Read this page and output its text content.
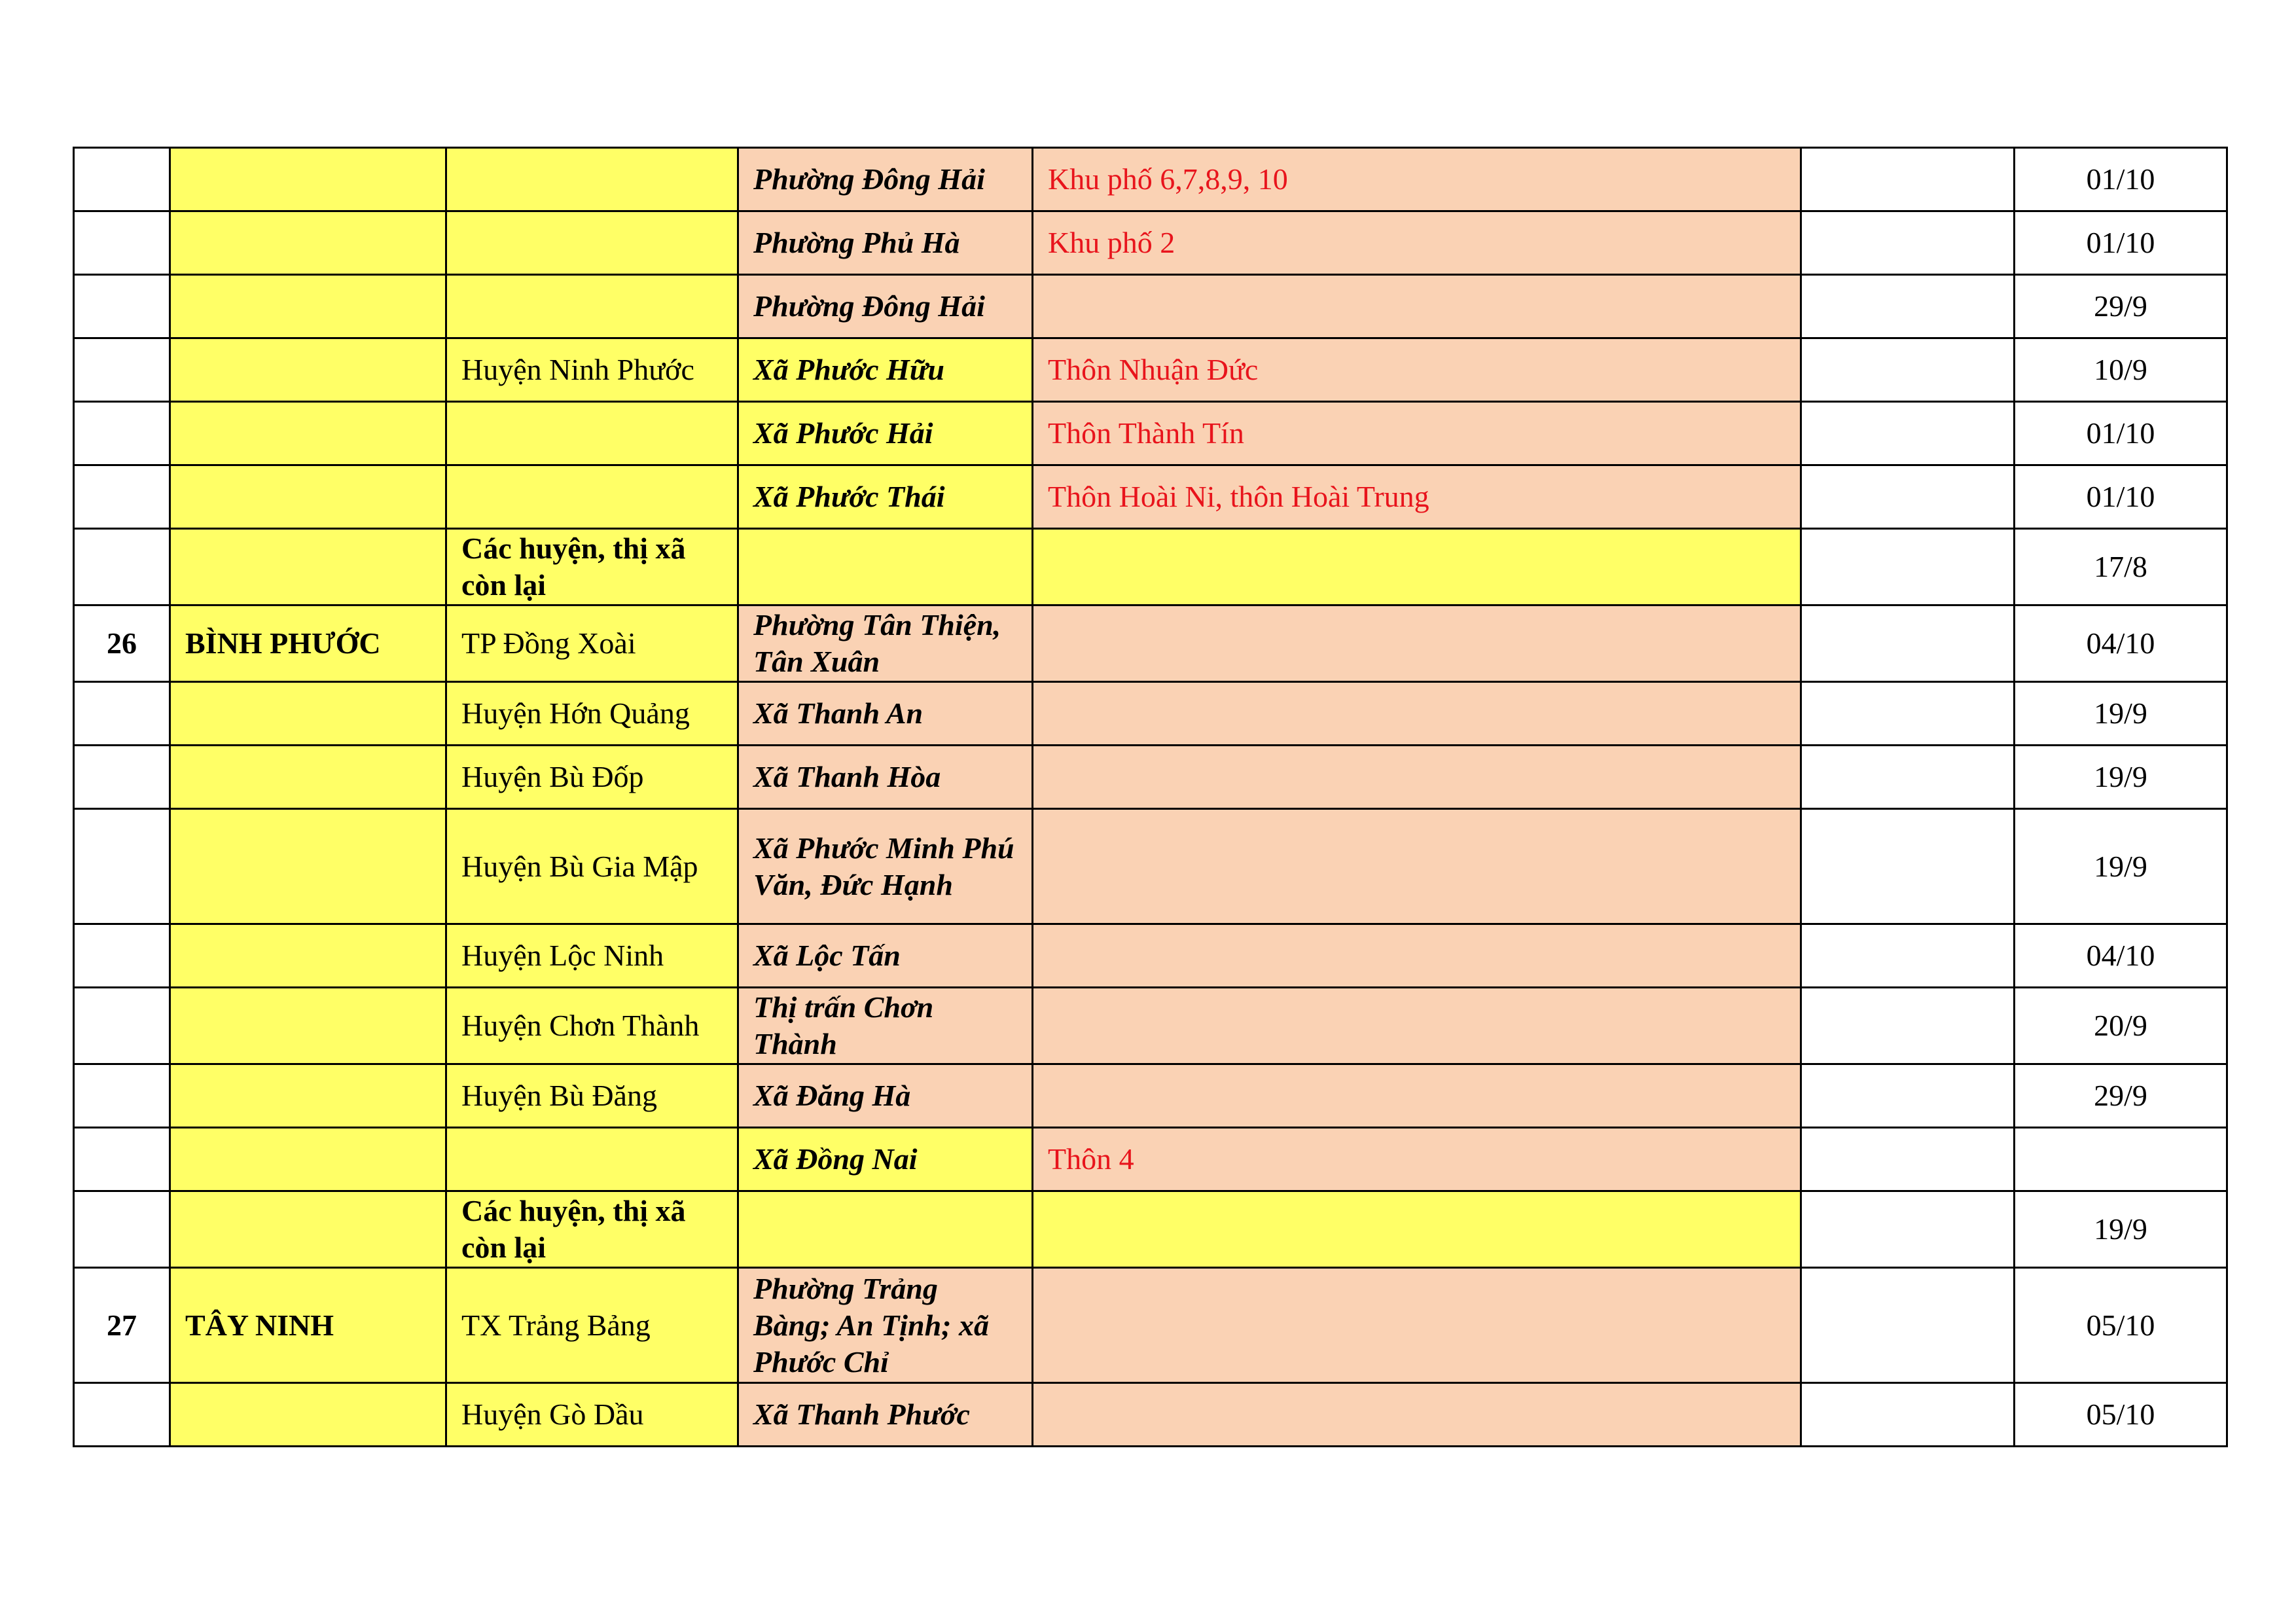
			Phường Đông Hải	Khu phố 6,7,8,9, 10		01/10
			Phường Phủ Hà	Khu phố 2		01/10
			Phường Đông Hải			29/9
		Huyện Ninh Phước	Xã Phước Hữu	Thôn Nhuận Đức		10/9
			Xã Phước Hải	Thôn Thành Tín		01/10
			Xã Phước Thái	Thôn Hoài Ni, thôn Hoài Trung		01/10
		Các huyện, thị xã còn lại				17/8
26	BÌNH PHƯỚC	TP Đồng Xoài	Phường Tân Thiện, Tân Xuân			04/10
		Huyện Hớn Quảng	Xã Thanh An			19/9
		Huyện Bù Đốp	Xã Thanh Hòa			19/9
		Huyện Bù Gia Mập	Xã Phước Minh Phú Văn, Đức Hạnh			19/9
		Huyện Lộc Ninh	Xã Lộc Tấn			04/10
		Huyện Chơn Thành	Thị trấn Chơn Thành			20/9
		Huyện Bù Đăng	Xã Đăng Hà			29/9
			Xã Đồng Nai	Thôn 4		
		Các huyện, thị xã còn lại				19/9
27	TÂY NINH	TX Trảng Bảng	Phường Trảng Bàng; An Tịnh; xã Phước Chỉ			05/10
		Huyện Gò Dầu	Xã Thanh Phước			05/10
